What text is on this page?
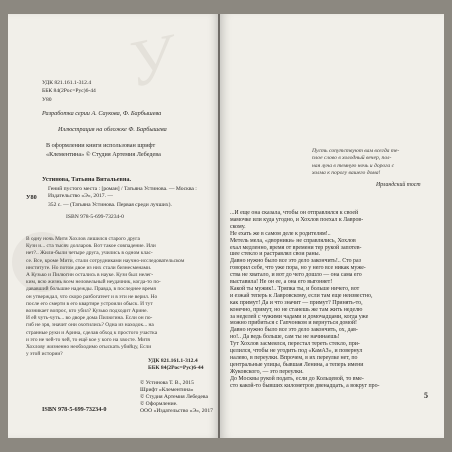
У
УДК 821.161.1-312.4
ББК 84(2Рос=Рус)6-44
У80
Разработка серии А. Саукова, Ф. Барбышева
Иллюстрация на обложке Ф. Барбышева
В оформлении книги использован шрифт
«Клементина» © Студия Артемия Лебедева
Устинова, Татьяна Витальевна.
У80
Гений пустого места : [роман] / Татьяна Устинова. — Москва : Издательство «Э», 2017. —
352 с. — (Татьяна Устинова. Первая среди лучших).
ISBN 978-5-699-73234-0
В одну ночь Митя Хохлов лишился старого друга
Кузи и... ста тысяч долларов. Вот такое совпадение. Или
нет?.. Жили-были четыре друга, учились в одном клас-
се. Все, кроме Мити, стали сотрудниками научно-исследовательском
институте. Но потом двое из них стали бизнесменами.
А Кузько и Пилюгин остались в науке. Кузи был нелег-
ким, всю жизнь всем неловельный неудачник, когда-то по-
дававший большие надежды. Правда, в последнее время
он утверждал, что скоро разбогатеет и в эти не верил. Но
после его смерти в его квартире устроили обыск. И тут
возникает вопрос, кто убил? Кузько подходит Арине.
И ей чуть-чуть... во дворе дома Пилюгина. Если он по-
гиб не зря, значит они охотились? Одна из находок... на
странные руки и Арина, сделав обход к простого участка
и это не чей-то чей, то ещё кое у кого на хвосте. Митя
Хохлову жизненно необходимо отыскать убийцу, Если
у этой истории?
УДК 821.161.1-312.4
ББК 84(2Рос=Рус)6-44
© Устинова Т. В., 2015
Шрифт «Клементина»
© Студия Артемия Лебедева
© Оформление.
ООО «Издательство «Э», 2017
ISBN 978-5-699-73234-0
Пусть сопутствуют вам всегда те-
плое слово в холодный вечер, пол-
ная луна в темную ночь и дорога с
холма к порогу вашего дома!
Ирландский тост
...И еще она сказала, чтобы он отправлялся к своей
мамочке или куда угодно, и Хохлов поехал к Лавров-
скому.
Не ехать же в самом деле к родителям!..
Метель мела, «дворники» не справлялись, Хохлов
ехал медленно, время от времени тер рукой запотев-
шее стекло и растравлял свои раны.
Давно нужно было все это дело закончить!.. Сто раз
говорил себе, что уже пора, но у него все никак муже-
ства не хватало, и вот до чего дошло — она сама его
выставила! Не он ее, а она его выгоняет!
Какой ты мужик!.. Тряпка ты, и больше ничего, вот
и езжай теперь к Лавровскому, если там еще неизвестно,
как примут! Да и что значит — примут? Принять-то,
конечно, примут, но не станешь же там жить неделю
за неделей с чужими чадами и домочадцами, когда уже
можно прибиться с Гапчонком и вернуться домой!
Давно нужно было все это дело закончить, ох, дав-
но!.. Да ведь больше, сам ты не начинаешь!
Тут Хохлов засмеялся, перестал тереть стекло, при-
целился, чтобы не угодить под «КамАЗ», и повернул
налево, в переулки. Впрочем, в их переулке нет, по
центральные улицы, бывшая Ленина, а теперь имени
Жуковского, — это переулки.
До Москвы рукой подать, если до Кольцевой, то вме-
сто какой-то бывших километров двенадцать, а вокруг про-
5
